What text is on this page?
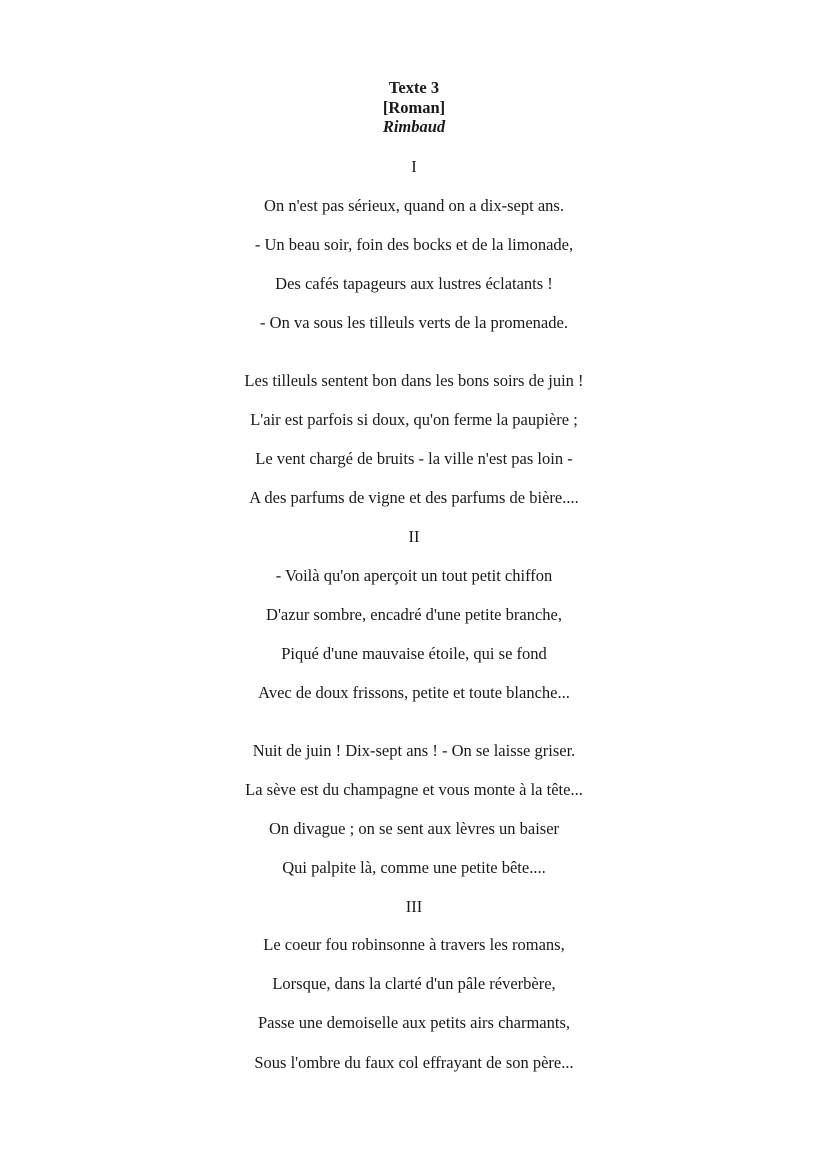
Texte 3
[Roman]
Rimbaud
I
On n'est pas sérieux, quand on a dix-sept ans.
- Un beau soir, foin des bocks et de la limonade,
Des cafés tapageurs aux lustres éclatants !
- On va sous les tilleuls verts de la promenade.
Les tilleuls sentent bon dans les bons soirs de juin !
L'air est parfois si doux, qu'on ferme la paupière ;
Le vent chargé de bruits - la ville n'est pas loin -
A des parfums de vigne et des parfums de bière....
II
- Voilà qu'on aperçoit un tout petit chiffon
D'azur sombre, encadré d'une petite branche,
Piqué d'une mauvaise étoile, qui se fond
Avec de doux frissons, petite et toute blanche...
Nuit de juin ! Dix-sept ans ! - On se laisse griser.
La sève est du champagne et vous monte à la tête...
On divague ; on se sent aux lèvres un baiser
Qui palpite là, comme une petite bête....
III
Le coeur fou robinsonne à travers les romans,
Lorsque, dans la clarté d'un pâle réverbère,
Passe une demoiselle aux petits airs charmants,
Sous l'ombre du faux col effrayant de son père...
